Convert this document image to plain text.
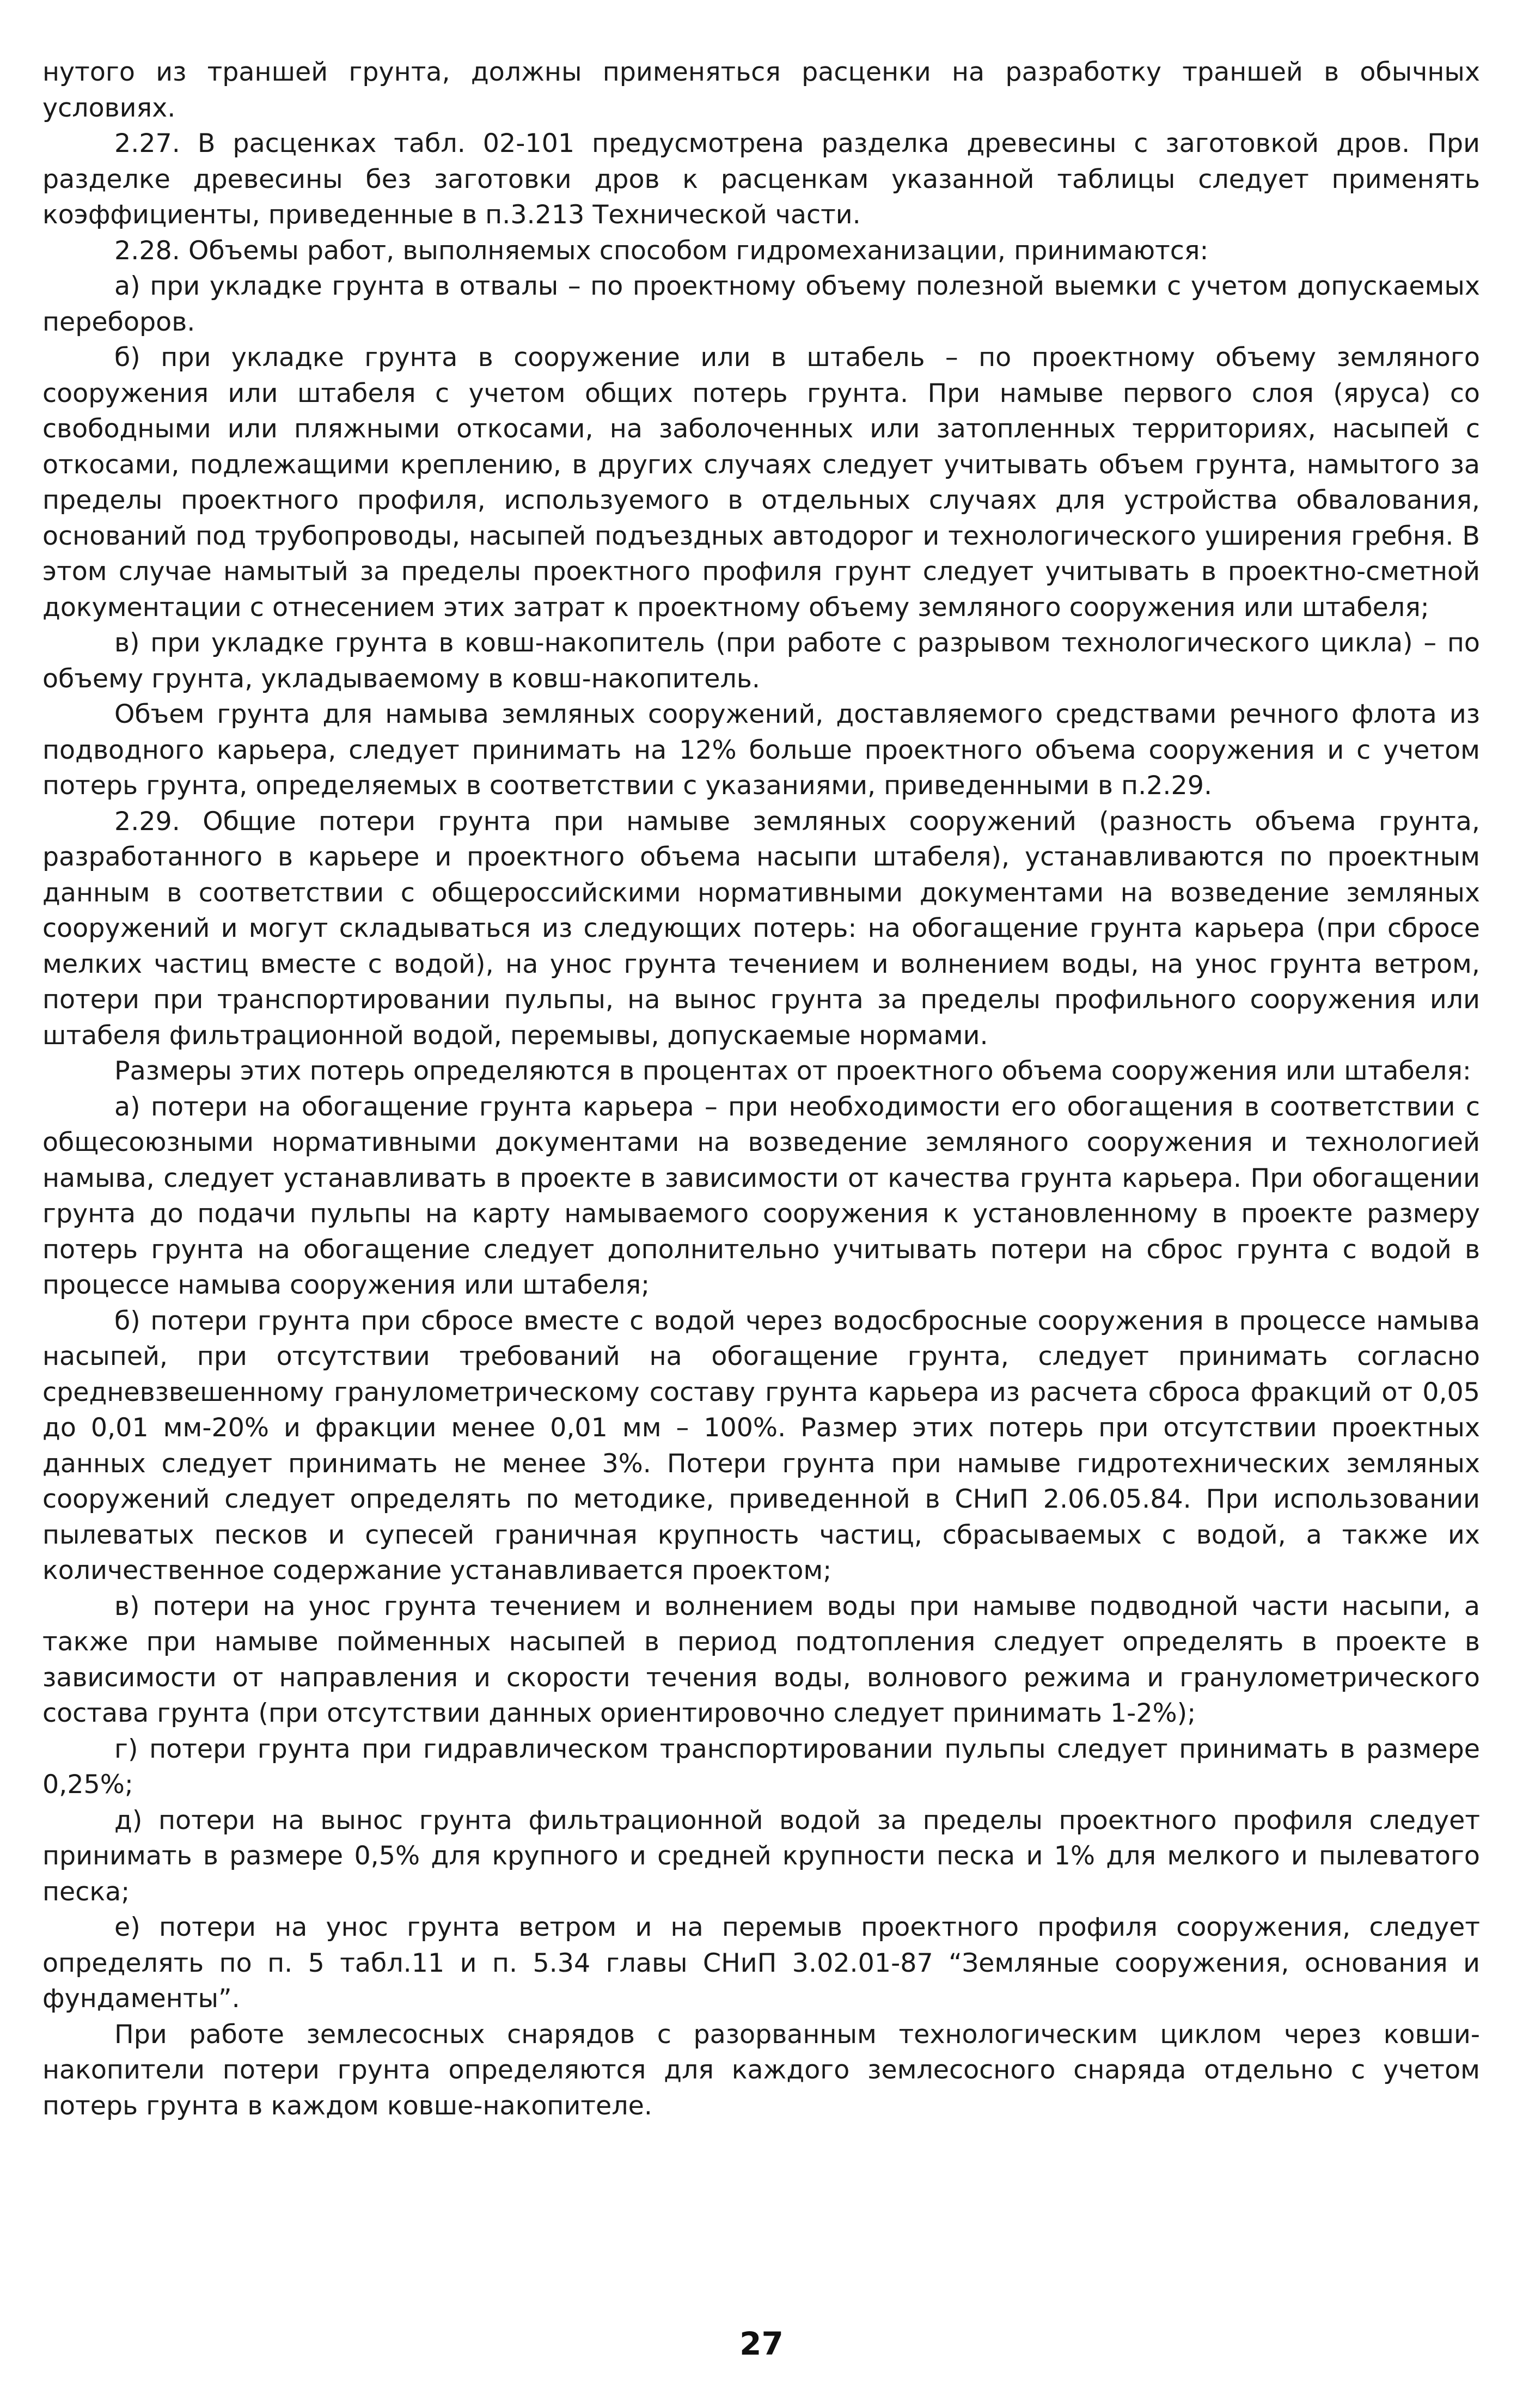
нутого из траншей грунта, должны применяться расценки на разработку траншей в обычных условиях.

2.27. В расценках табл. 02-101 предусмотрена разделка древесины с заготовкой дров. При разделке древесины без заготовки дров к расценкам указанной таблицы следует применять коэффициенты, приведенные в п.3.213 Технической части.

2.28. Объемы работ, выполняемых способом гидромеханизации, принимаются:

а) при укладке грунта в отвалы – по проектному объему полезной выемки с учетом допускаемых переборов.

б) при укладке грунта в сооружение или в штабель – по проектному объему земляного сооружения или штабеля с учетом общих потерь грунта. При намыве первого слоя (яруса) со свободными или пляжными откосами, на заболоченных или затопленных территориях, насыпей с откосами, подлежащими креплению, в других случаях следует учитывать объем грунта, намытого за пределы проектного профиля, используемого в отдельных случаях для устройства обвалования, оснований под трубопроводы, насыпей подъездных автодорог и технологического уширения гребня. В этом случае намытый за пределы проектного профиля грунт следует учитывать в проектно-сметной документации с отнесением этих затрат к проектному объему земляного сооружения или штабеля;

в) при укладке грунта в ковш-накопитель (при работе с разрывом технологического цикла) – по объему грунта, укладываемому в ковш-накопитель.

Объем грунта для намыва земляных сооружений, доставляемого средствами речного флота из подводного карьера, следует принимать на 12% больше проектного объема сооружения и с учетом потерь грунта, определяемых в соответствии с указаниями, приведенными в п.2.29.

2.29. Общие потери грунта при намыве земляных сооружений (разность объема грунта, разработанного в карьере и проектного объема насыпи штабеля), устанавливаются по проектным данным в соответствии с общероссийскими нормативными документами на возведение земляных сооружений и могут складываться из следующих потерь: на обогащение грунта карьера (при сбросе мелких частиц вместе с водой), на унос грунта течением и волнением воды, на унос грунта ветром, потери при транспортировании пульпы, на вынос грунта за пределы профильного сооружения или штабеля фильтрационной водой, перемывы, допускаемые нормами.

Размеры этих потерь определяются в процентах от проектного объема сооружения или штабеля:

а) потери на обогащение грунта карьера – при необходимости его обогащения в соответствии с общесоюзными нормативными документами на возведение земляного сооружения и технологией намыва, следует устанавливать в проекте в зависимости от качества грунта карьера. При обогащении грунта до подачи пульпы на карту намываемого сооружения к установленному в проекте размеру потерь грунта на обогащение следует дополнительно учитывать потери на сброс грунта с водой в процессе намыва сооружения или штабеля;

б) потери грунта при сбросе вместе с водой через водосбросные сооружения в процессе намыва насыпей, при отсутствии требований на обогащение грунта, следует принимать согласно средневзвешенному гранулометрическому составу грунта карьера из расчета сброса фракций от 0,05 до 0,01 мм-20% и фракции менее 0,01 мм – 100%. Размер этих потерь при отсутствии проектных данных следует принимать не менее 3%. Потери грунта при намыве гидротехнических земляных сооружений следует определять по методике, приведенной в СНиП 2.06.05.84. При использовании пылеватых песков и супесей граничная крупность частиц, сбрасываемых с водой, а также их количественное содержание устанавливается проектом;

в) потери на унос грунта течением и волнением воды при намыве подводной части насыпи, а также при намыве пойменных насыпей в период подтопления следует определять в проекте в зависимости от направления и скорости течения воды, волнового режима и гранулометрического состава грунта (при отсутствии данных ориентировочно следует принимать 1-2%);

г) потери грунта при гидравлическом транспортировании пульпы следует принимать в размере 0,25%;

д) потери на вынос грунта фильтрационной водой за пределы проектного профиля следует принимать в размере 0,5% для крупного и средней крупности песка и 1% для мелкого и пылеватого песка;

е) потери на унос грунта ветром и на перемыв проектного профиля сооружения, следует определять по п. 5 табл.11 и п. 5.34 главы СНиП 3.02.01-87 “Земляные сооружения, основания и фундаменты”.

При работе землесосных снарядов с разорванным технологическим циклом через ковши-накопители потери грунта определяются для каждого землесосного снаряда отдельно с учетом потерь грунта в каждом ковше-накопителе.

27
